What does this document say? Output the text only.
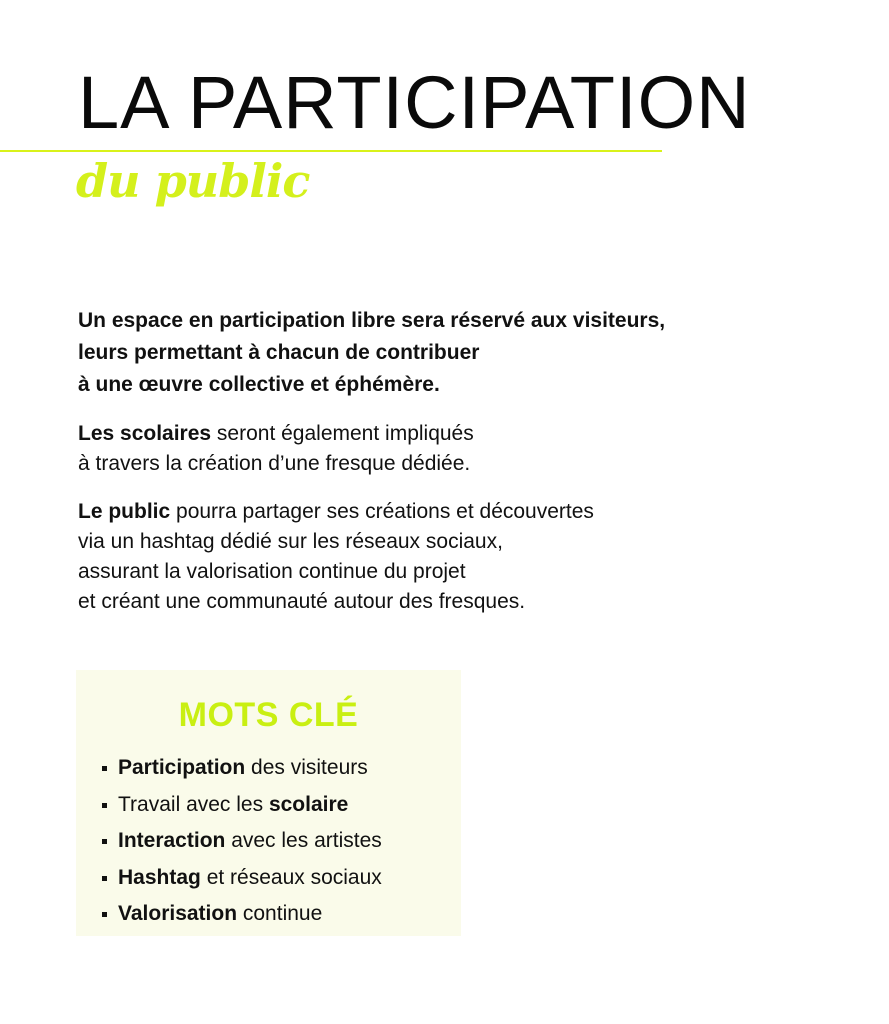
LA PARTICIPATION
du public

Un espace en participation libre sera réservé aux visiteurs,
leurs permettant à chacun de contribuer
à une œuvre collective et éphémère.

Les scolaires seront également impliqués
à travers la création d’une fresque dédiée.

Le public pourra partager ses créations et découvertes
via un hashtag dédié sur les réseaux sociaux,
assurant la valorisation continue du projet
et créant une communauté autour des fresques.

MOTS CLÉ
Participation des visiteurs
Travail avec les scolaire
Interaction avec les artistes
Hashtag et réseaux sociaux
Valorisation continue
